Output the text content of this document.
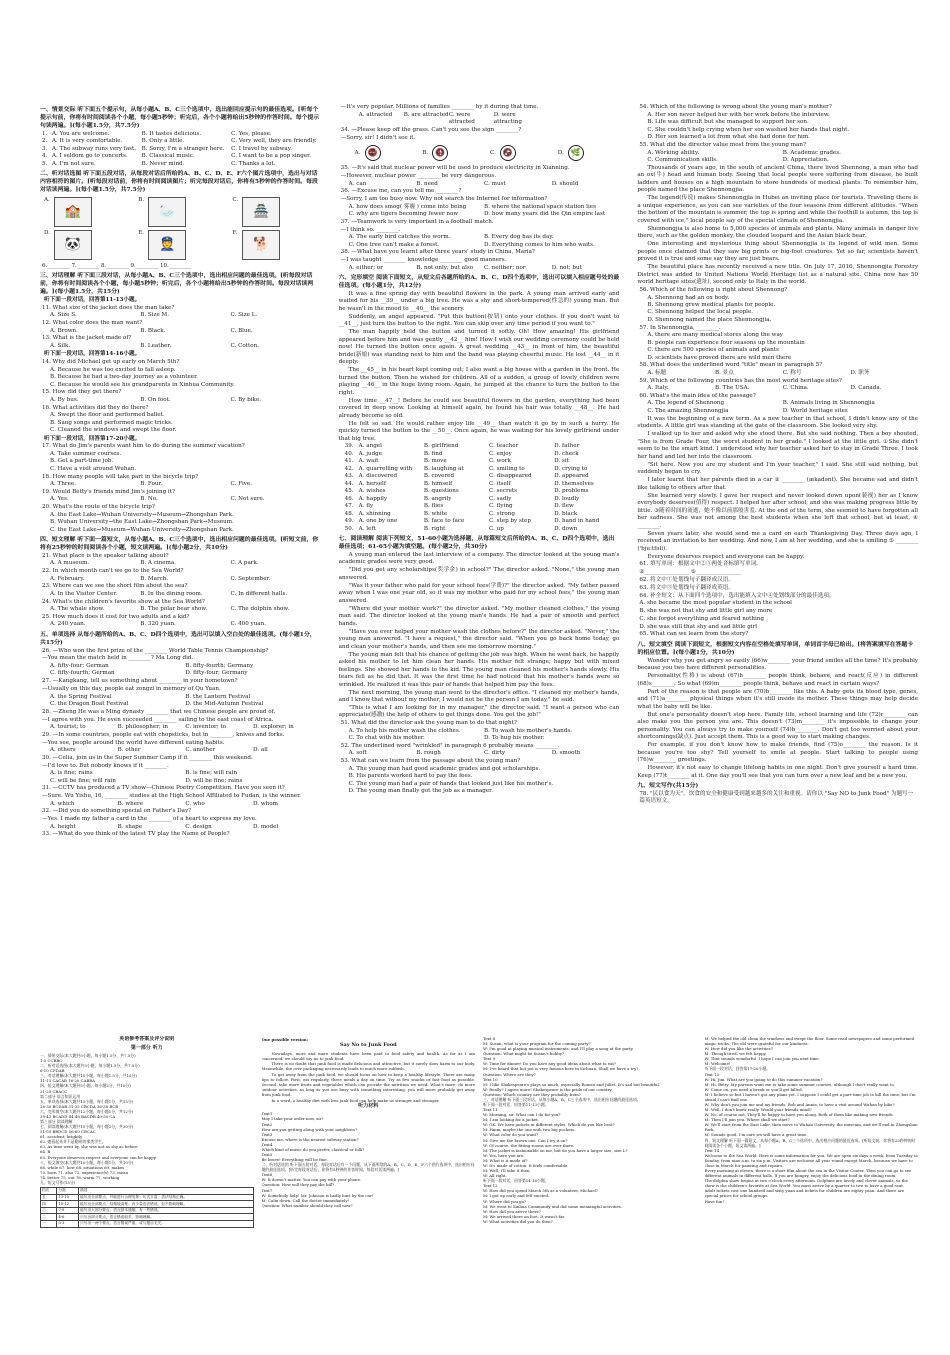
一、情景交际 听下面五个提示句，从每小题A、B、C三个选项中，选出能回应提示句的最佳选项。[听每个提示句前，你将有时间阅读各个小题，每小题5秒钟；听完后，各个小题将给出5秒钟的作答时间。每个提示句读两遍。](每小题1.5分，共7.5分)
1. A. You are welcome.	B. It tastes delicious.	C. Yes, please.
2. A. It is very comfortable.	B. Only a little.	C. Very well, they are friendly.
3. A. The subway runs very fast. B. Sorry, I'm a stranger here.	C. I travel by subway.
4. A. I seldom go to concerts.	B. Classical music.	C. I want to be a pop singer.
5. A. I'm not sure.	B. Never mind.	C. Thanks a lot.
二、听对话选图 听下面五段对话，从每段对话后所给的A、B、C、D、E、F六个图片选项中，选出与对话内容相符的图片。[听每段对话前，你将有时间阅读图片；听完每段对话后，你将有5秒钟的作答时间。每段对话读两遍。](每小题1.5分，共7.5分)
A.
🏫
B.
🦢
C.
🏯
D.
🐼
E.
👮
F.
🐕
6.________ 7.________ 8.________ 9.________ 10.________
三、对话理解 听下面三段对话，从每小题A、B、C三个选项中，选出相应问题的最佳选项。[听每段对话前，你将有时间阅读各个小题，每小题5秒钟；听完后，各个小题将给出5秒钟的作答时间。每段对话读两遍。](每小题1.5分，共15分)
听下面一段对话，回答第11-13小题。
11. What size of the jacket does the man take?
A. Size S.	B. Size M.	C. Size L.
12. What color does the man want?
A. Brown.	B. Black.	C. Blue.
13. What is the jacket made of?
A. Silk.	B. Leather.	C. Cotton.
听下面一段对话，回答第14-16小题。
14. Why did Michael get up early on March 5th?
A. Because he was too excited to fall asleep.
B. Because he had a two-day journey as a volunteer.
C. Because he would see his grandparents in Xinhua Community.
15. How did they get there?
A. By bus.	B. On foot.	C. By bike.
16. What activities did they do there?
A. Swept the floor and performed ballet.
B. Sang songs and performed magic tricks.
C. Cleaned the windows and swept the floor.
听下面一段对话，回答第17-20小题。
17. What do Jim's parents want him to do during the summer vacation?
A. Take summer courses.
B. Get a part-time job.
C. Have a visit around Wuhan.
18. How many people will take part in the bicycle trip?
A. Three.	B. Four.	C. Five.
19. Would Betty's friends mind Jim's joining it?
A. Yes.	B. No.	C. Not sure.
20. What's the route of the bicycle trip?
A. the East Lake→Wuhan University→Museum→Zhongshan Park.
B. Wuhan University→the East Lake→Zhongshan Park→Museum.
C. the East Lake→Museum→Wuhan University→Zhongshan Park.
四、短文理解 听下面一篇短文，从每小题A、B、C三个选项中，选出相应问题的最佳选项。[听短文前，你将有25秒钟的时间阅读各个小题，短文读两遍。](每小题2分，共10分)
21. What place is the speaker talking about?
A. A museum.	B. A cinema.	C. A park.
22. In which month can't we go to the Sea World?
A. February.	B. March.	C. September.
23. Where can we see the short film about the sea?
A. In the Visitor Center.	B. In the dining room.	C. In different halls.
24. What's the children's favorite show at the Sea World?
A. The whale show.	B. The polar bear show.	C. The dolphin show.
25. How much does it cost for two adults and a kid?
A. 240 yuan.	B. 320 yuan.	C. 400 yuan.
五、单项选择 从每小题所给的A、B、C、D四个选项中，选出可以填入空白处的最佳选项。(每小题1分，共15分)
26. —Who won the first prize of the ________ World Table Tennis Championship?
—You mean the match held in ________? Ma Long did.
A. fifty-four; German	B. fifty-fourth; Germany
C. fifty-fourth; German	D. fifty-four; Germany
27. —Kangkang, tell us something about ________ in your hometown?
—Usually on this day, people eat zongzi in memory of Qu Yuan.
A. the Spring Festival	B. the Lantern Festival
C. the Dragon Boat Festival	D. the Mid-Autumn Festival
28. —Zheng He was a Ming dynasty ________ that we Chinese people are proud of.
—I agree with you. He even succeeded ________ sailing to the east coast of Africa.
A. tourist; to	B. philosopher; in	C. inventor; to	D. explorer; in
29. —In some countries, people eat with chopsticks, but in ________, knives and forks.
—You see, people around the world have different eating habits.
A. others	B. other	C. another	D. all
30. —Celia, join us in the Super Summer Camp if it ________ this weekend.
—I'd love to. But nobody knows if it ________.
A. is fine; rains	B. is fine; will rain
C. will be fine; will rain	D. will be fine; rains
31. —CCTV has produced a TV show—Chinese Poetry Competition. Have you seen it?
—Sure. Wu Yishu, 16, ________ studies at the High School Affiliated to Fudan, is the winner.
A. which	B. where	C. who	D. whom
32. —Did you do something special on Father's Day?
—Yes. I made my father a card in the ________ of a heart to express my love.
A. height	B. shape	C. design	D. model
33. —What do you think of the latest TV play the Name of People?
—It's very popular. Millions of families ________ by it during that time.
A. attracted	B. are attracted C. were attracted
D. were attracting
34. —Please keep off the grass. Can't you see the sign ________?
—Sorry, sir! I didn't see it.
A. 🚭	B. 🚯	C. 🚱	D. 🌿
35. —It's said that nuclear power will be used to produce electricity in Xianning.
—However, nuclear power ________ be very dangerous.
A. can	B. need	C. must	D. should
36. —Excuse me, can you tell me ________?
—Sorry, I am too busy now. Why not search the Internet for information?
A. how does smog( 雾霾 ) come into being	B. where the national space station lies
C. why are tigers becoming fewer now	D. how many years did the Qin empire last
37. —Teamwork is very important in a football match.
—I think so. ________.
A. The early bird catches the worm.	B. Every dog has its day.
C. One tree can't make a forest.	D. Everything comes to him who waits.
38. —What have you learnt after three years' study in China, Maria?
—I was taught ________ knowledge ________ good manners.
A. either; or	B. not only; but also	C. neither; nor	D. not; but
六、完形填空 阅读下面短文，从短文后各题所给的A、B、C、D四个选项中，选出可以填入相应题号处的最佳选项。(每小题1分，共12分)
It was a fine spring day with beautiful flowers in the park. A young man arrived early and waited for his __39__ under a big tree. He was a shy and short-tempered(性急的) young man. But he wasn't in the mood to __40__ the scenery.
Suddenly, an angel appeared. "Put this button(按钮) onto your clothes. If you don't want to __41__, just turn the button to the right. You can skip over any time period if you want to."
The man happily held the button and turned it softly. Oh! How amazing! His girlfriend appeared before him and was gently __42__ him! How I wish our wedding ceremony could be held now! He turned the button once again. A great wedding __43__ in front of him, the beautiful bride(新娘) was standing next to him and the band was playing cheerful music. He lost __44__ in it deeply.
The __45__ in his heart kept coming out; I also want a big house with a garden in the front. He turned the button. Then he wished for children. All of a sudden, a group of lovely children were playing __46__ in the huge living room. Again, he jumped at the chance to turn the button to the right.
How time __47__! Before he could see beautiful flowers in the garden, everything had been covered in deep snow. Looking at himself again, he found his hair was totally __48__. He had already become so old.
He felt so sad. He would rather enjoy life __49__ than watch it go by in such a hurry. He quickly turned the button to the __50__. Once again, he was waiting for his lovely girlfriend under that big tree.
39. A. angel	B. girlfriend	C. teacher	D. father
40. A. judge	B. find	C. enjoy	D. check
41. A. wait	B. move	C. work	D. sit
42. A. quarrelling with	B. laughing at	C. smiling to	D. crying to
43. A. discovered	B. covered	C. disappeared	D. appeared
44. A. herself	B. himself	C. itself	D. themselves
45. A. wishes	B. questions	C. secrets	D. problems
46. A. happily	B. angrily	C. sadly	D. loudly
47. A. fly	B. flies	C. flying	D. flew
48. A. shinning	B. white	C. strong	D. black
49. A. one by one	B. face to face	C. step by step	D. hand in hand
50. A. left	B. right	C. up	D. down
七、阅读理解 阅读下列短文，51-60小题为选择题，从每篇短文后所给的A、B、C、D四个选项中，选出最佳选项；61-65小题为填空题。(每小题2分，共30分)
A young man entered the last interview of a company. The director looked at the young man's academic grades were very good.
"Did you get any scholarships(奖学金) in school?" The director asked. "None," the young man answered.
"Was it your father who paid for your school fees(学费)?" the director asked. "My father passed away when I was one year old, so it was my mother who paid for my school fees," the young man answered.
"Where did your mother work?" the director asked. "My mother cleaned clothes," the young man said. The director looked at the young man's hands. He had a pair of smooth and perfect hands.
"Have you ever helped your mother wash the clothes before?" the director asked. "Never," the young man answered. "I have a request," the director said. "When you go back home today, go and clean your mother's hands, and then see me tomorrow morning."
The young man felt that his chance of getting the job was high. When he went back, he happily asked his mother to let him clean her hands. His mother felt strange; happy but with mixed feelings. She showed her hands to the kid. The young man cleaned his mother's hands slowly. His tears fell as he did that. It was the first time he had noticed that his mother's hands were so wrinkled. He realized it was this pair of hands that helped him pay the fees.
The next morning, the young man went to the director's office. "I cleaned my mother's hands, and I know that without my mother, I would not be the person I am today," he said.
"This is what I am looking for in my manager," the director said. "I want a person who can appreciate(感激) the help of others to get things done. You get the job!"
51. What did the director ask the young man to do that night?
A. To help his mother wash the clothes.	B. To wash his mother's hands.
C. To chat with his mother.	D. To hug his mother.
52. The underlined word "wrinkled" in paragraph 6 probably means ________.
A. soft	B. rough	C. dirty	D. smooth
53. What can we learn from the passage about the young man?
A. The young man had good academic grades and got scholarships.
B. His parents worked hard to pay the fees.
C. The young man had a pair of hands that looked just like his mother's.
D. The young man finally got the job as a manager.
54. Which of the following is wrong about the young man's mother?
A. Her son never helped her with her work before the interview.
B. Life was difficult but she managed to support her son.
C. She couldn't help crying when her son washed her hands that night.
D. Her son learned a lot from what she had done for him.
55. What did the director value most from the young man?
A. Working ability.	B. Academic grades.
C. Communication skills.	D. Appreciation.
Thousands of years ago, in the south of ancient China, there lived Shennong, a man who had an ox(牛) head and human body. Seeing that local people were suffering from disease, he built ladders and houses on a high mountain to store hundreds of medical plants. To remember him, people named the place Shennongjia.
The legend(传说) makes Shennongjia in Hubei an inviting place for tourists. Traveling there is a unique experience, as you can see varieties of the four seasons from different altitudes. "When the bottom of the mountain is summer, the top is spring and while the foothill is autumn, the top is covered with ice," local people say of the special climate of Shennongjia.
Shennongjia is also home to 5,000 species of animals and plants. Many animals in danger live there, such as the golden monkey, the clouded leopard and the Asian black bear.
One interesting and mysterious thing about Shennongjia is its legend of wild men. Some people once claimed that they saw big prints or big-foot creatures. Yet so far, scientists haven't proved it is true and some say they are just bears.
The beautiful place has recently received a new title. On July 17, 2016, Shennongjia Forestry District was added to United Nations World Heritage list as a natural site. China now has 50 world heritage sites(遗址), second only to Italy in the world.
56. Which of the following is right about Shennong?
A. Shennong had an ox body.
B. Shennong grew medical plants for people.
C. Shennong helped the local people.
D. Shennong named the place Shennongjia.
57. In Shennongjia, ________.
A. there are many medical stores along the way
B. people can experience four seasons up the mountain
C. there are 500 species of animals and plants
D. scientists have proved there are wild men there
58. What does the underlined word "title" mean in paragraph 5?
A. 标题	B. 景点	C. 称号	D. 职务
59. Which of the following countries has the most world heritage sites?
A. Italy.	B. The USA.	C. China.	D. Canada.
60. What's the main idea of the passage?
A. The legend of Shennong	B. Animals living in Shennongjia
C. The amazing Shennongjia	D. World heritage sites
It was the beginning of a new term. As a new teacher in that school, I didn't know any of the students. A little girl was standing at the gate of the classroom. She looked very shy.
I walked up to her and asked why she stood there. But she said nothing. Then a boy shouted, "She is from Grade Four, the worst student in her grade." I looked at the little girl. ①She didn't seem to be the smart kind. I understood why her teacher asked her to stay in Grade Three. I took her hand and led her into the classroom.
"Sit here. Now you are my student and I'm your teacher," I said. She still said nothing, but suddenly began to cry.
I later learnt that her parents died in a car ② ________ (ækadənt). She became sad and didn't like talking to others after that.
She learned very slowly. I gave her respect and never looked down upon(藐视) her as I know everybody deserves(值得) respect. I helped her after school, and she was making progress little by little. ③随着时间的流逝，她不像以前那般害羞. At the end of the term, she seemed to have forgotten all her sadness. She was not among the best students when she left that school, but at least, ④ ________.
Seven years later, she would send me a card on each Thanksgiving Day. Three days ago, I received an invitation to her wedding. And now, I am at her wedding, and she is smiling ⑤ ________ ('bju:tfəli).
Everyone deserves respect and everyone can be happy.
61. 填写单词：根据文中②⑤两处音标填写单词。
②________________ ⑤________________
62. 将文中①处划线句子翻译成汉语。
63. 将文中③处划线句子翻译成英语。
64. 补全短文：从下面四个选项中，选出能填入文中④处划线部分的最佳选项。
A. she became the most popular student in the school
B. she was not that shy and little girl any more
C. she forgot everything and feared nothing
D. she was still that shy and sad little girl
65. What can we learn from the story?
八、短文填空 阅读下面短文，根据短文内容在空格处填写单词，单词首字母已给出。[将答案填写在答题卡的相应位置。](每小题1分，共10分)
Wonder why you get angry so easily (66)w________ your friend smiles all the time? It's probably because you two have different personalities.
Personality(性格) is about (67)h________ people think, behave, and react(反应) in different (68)s________. So what (69)m________ people think, behave and react in certain ways?
Part of the reason is that people are (70)b________ like this. A baby gets its blood type, genes, and (71)a________ physical things when it's still inside its mother. These things may help decide what the baby will be like.
But one's personality doesn't stop here. Family life, school learning and life (72)r________ can also make you the person you are. This doesn't (73)m________ it's impossible to change your personality. You can always try to make yourself (74)b________. Don't get too worried about your shortcomings(缺点). Just accept them. This is a good way to start making changes.
For example, if you don't know how to make friends, find (75)o________ the reason. Is it because you're too shy? Tell yourself to smile at people. Start talking to people using (76)w________ greetings.
However, it's not easy to change lifelong habits in one night. Don't give yourself a hard time. Keep (77)t________ at it. One day you'll see that you can turn over a new leaf and be a new you.
九、短文写作(共15分)
78. "民以食为天"，饮食的安全和健康受到越来越多的关注和重视。请你以 "Say NO to Junk Food" 为题写一篇英语短文。
英语参考答案及评分说明
第一部分 听力
一、情景交际(本大题共5小题，每小题1.5分，共7.5分)
1-5 CCBBC
二、听对话选图(本大题共5小题，每小题1.5分，共7.5分)
6-10 CFDAB
三、对话理解(本大题共10小题，每小题1.5分，共15分)
11-15 CACAB 16-20 CABBA
四、短文理解(本大题共5小题，每小题2分，共10分)
21-25 CBACC
第二部分 语言知识运用
五、单项选择(本大题共15小题，每小题1分，共15分)
26-30 BCDAB 31-35 CBCDA 36-38 BCB
六、完形填空(本大题共12小题，每小题1分，共12分)
39-43 BCADD 44-48 BACDB 49-50 CA
第三部分 阅读理解
七、阅读理解(本大题共15小题，每小题2分，共30分)
51-55 BBDCD 56-60 CBCAC
61. accident; brightly
62. 她看起来并不是聪明的那类学生。
63. As time went by, she was not as shy as before.
64. B
65. Everyone deserves respect and everyone can be happy.
八、短文填空(本大题共10小题，每小题1分，共10分)
66. while 67. how 68. situations 69. makes
70. born 71. also 72. experience(s) 73. mean
74. better 75. out 76. warm 77. working
九、短文写作(15分)
档次	分数	描述
五	13-15	能写出全部要点，并能进行合理发挥；句式丰富，语法结构正确。
四	10-12	能写出全部要点，结构较清楚；有少量语法错误，但不影响理解。
三	7-9	能写出大部分要点，语言基本通顺，有一些错误。
二	4-6	只写出部分要点，语言错误较多，影响理解。
一	0-3	只写出一两个要点，语言错误严重，或与题目无关。
One possible version:
Say No to Junk Food
Nowadays, more and more students have been paid to food safety and health. As far as I am concerned, we should say no to junk food.
There is no doubt that junk food is made delicious and attractive, but it surely does harm to our body. Meanwhile, the over packaging necessarily leads to much more rubbish.
To get away from the junk food, we should focus on how to keep a healthy lifestyle. There are many tips to follow. First, eat regularly, three meals a day on time. Try as few snacks or fast food as possible. Second, take more fruits and vegetables which can provide the nutrition we need. What's more, do more outdoor activities, as long as you are busy with something interesting, you will more probably get away from junk food.
In a word, a healthy diet with less junk food can help make us stronger and stronger.
听力材料
Text1
May I take your order now, sir?
Text2
How are you getting along with your neighbors?
Text3
Excuse me, where is the nearest subway station?
Text4
Which kind of music do you prefer, classical or folk?
Text5
Be brave! Everything will be fine.
二、听对话选图 听下面五段对话，每段对话后有一个问题，从下面所给的A、B、C、D、E、F六个图片选项中，选出相应问题的最佳选项。[听完每段对话后，你将有5秒钟的作答时间。每段对话读两遍。]
Text6
W: It doesn't matter. You can pay with your phone.
Question: How will they pay the bill?
Text7
W: Somebody help! Mr. Johnson is badly hurt by the car!
M: Calm down. Call the doctor immediately!
Question: What number should they call now?
Text 8
M: Susan, what is your program for the coming party?
W: I'm good at playing musical instruments, and I'll play a song at the party.
Question: What might be Susan's hobby?
Text 9
W: Time for dinner! Do you have any good ideas about what to eat?
M: I've heard that hot pot is very famous here in Sichuan. Shall we have a try?
Question: Where are they?
Text 10
M: I like Shakespeare's plays so much, especially Romeo and Juliet. It's sad but beautiful.
W: Really? I agree more! Shakespeare is the pride of our country.
Question: Which country are they probably from?
三、对话理解 听下面三段对话，从每小题A、B、C三个选项中，选出相应问题的最佳选项。
听下面一段对话，回答第11-13小题。
Text 11
W: Morning, sir. What can I do for you?
M: I am looking for a jacket.
W: OK. We have jackets in different styles. Which do you like best?
M: Hmm, maybe the one with two big pockets.
W: What color do you want?
M: Give me the brown one. Can I try it on?
W: Of course, the fitting rooms are over there.
M: The jacket is fashionable on me, but do you have a larger size, size L?
W: Yes, here you are.
M: What is it made of?
W: It's made of cotton. It feels comfortable.
M: Well, I'll take it then.
W: All right.
听下面一段对话，回答第14-16小题。
Text 12
W: How did you spend March 5th as a volunteer, Michael?
M: I got up early and felt excited.
W: Where did you go?
M: We went to Xinhua Community and did some meaningful activities.
W: How did you arrive there?
M: We arrived there on foot. It wasn't far.
W: What activities did you do then?
M: We helped the old clean the windows and swept the floor. Some read newspapers and some performed magic tricks. The old were grateful for our kindness.
W: How did you like the activities?
M: Though tired, we felt happy.
W: That sounds wonderful. I hope I can join you next time.
M: Welcome!
听下面一段对话，回答第17-20小题。
Text 13
W: Hi, Jim. What are you going to do this summer vacation?
M: Hi, Betty. My parents want me to take some summer courses, although I don't really want to.
W: Come on, you need a break or you'll get killed.
M: I believe so but I haven't got any plans yet. I suppose I could get a part-time job to kill the time, but I'm afraid I can't find one.
W: Why don't you join me and my friends, Bob and Annie, to have a visit around Wuhan by bike?
M: Well, I don't know really. Would your friends mind?
W: No, of course not. They'll be happy to have you along. Both of them like making new friends.
M: Then I'll join you. Where shall we start?
W: We'll start from the East Lake, then move to Wuhan University, the museum, and we'll end in Zhongshan Park.
M: Sounds good. I'm sure we will have a great time.
四、短文理解 听下面一篇短文，从每小题A、B、C三个选项中，选出相应问题的最佳选项。[听短文前，你将有25秒钟的时间阅读各个小题，短文读两遍。]
Text 14
Welcome to the Sea World. Here is some information for you. We are open six days a week, from Tuesday to Sunday, from nine a.m. to six p.m. Visitors are welcome all year round except March, because we have to close in March for painting and repairs.
Every morning at eleven, there is a short film about the sea in the Visitor Center. Then you can go to see different animals in different halls. If you are hungry, enjoy the delicious food in the dining room.
The dolphin show begins at two o'clock every afternoon. Dolphins are lovely and clever animals, so the show is the children's favorite at Sea World. You must arrive by a quarter to two to have a good seat.
Adult tickets cost one hundred and sixty yuan and tickets for children are eighty yuan. And there are special prices for school groups.
Have fun!
